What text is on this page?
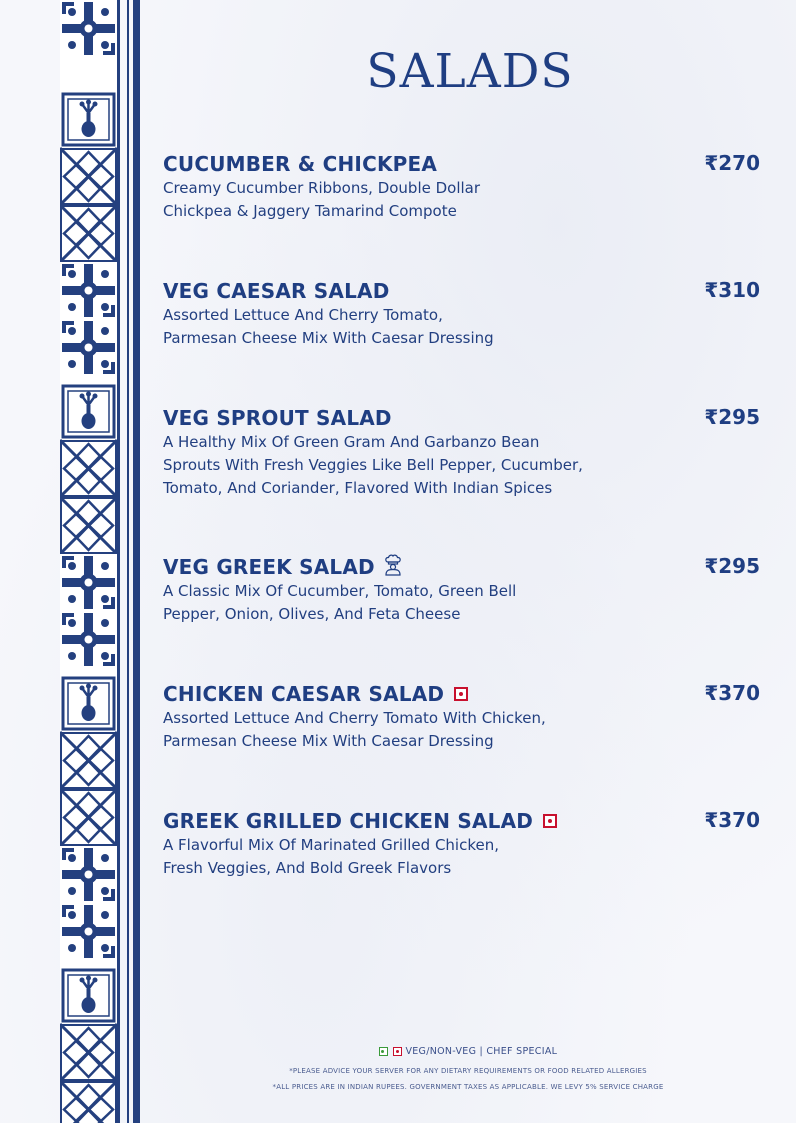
SALADS
CUCUMBER & CHICKPEA	₹270
Creamy Cucumber Ribbons, Double Dollar
Chickpea & Jaggery Tamarind Compote
VEG CAESAR SALAD	₹310
Assorted Lettuce And Cherry Tomato,
Parmesan Cheese Mix With Caesar Dressing
VEG SPROUT SALAD	₹295
A Healthy Mix Of Green Gram And Garbanzo Bean
Sprouts With Fresh Veggies Like Bell Pepper, Cucumber,
Tomato, And Coriander, Flavored With Indian Spices
VEG GREEK SALAD	₹295
A Classic Mix Of Cucumber, Tomato, Green Bell
Pepper, Onion, Olives, And Feta Cheese
CHICKEN CAESAR SALAD	₹370
Assorted Lettuce And Cherry Tomato With Chicken,
Parmesan Cheese Mix With Caesar Dressing
GREEK GRILLED CHICKEN SALAD	₹370
A Flavorful Mix Of Marinated Grilled Chicken,
Fresh Veggies, And Bold Greek Flavors
VEG/NON-VEG | CHEF SPECIAL
*PLEASE ADVICE YOUR SERVER FOR ANY DIETARY REQUIREMENTS OR FOOD RELATED ALLERGIES
*ALL PRICES ARE IN INDIAN RUPEES. GOVERNMENT TAXES AS APPLICABLE. WE LEVY 5% SERVICE CHARGE
